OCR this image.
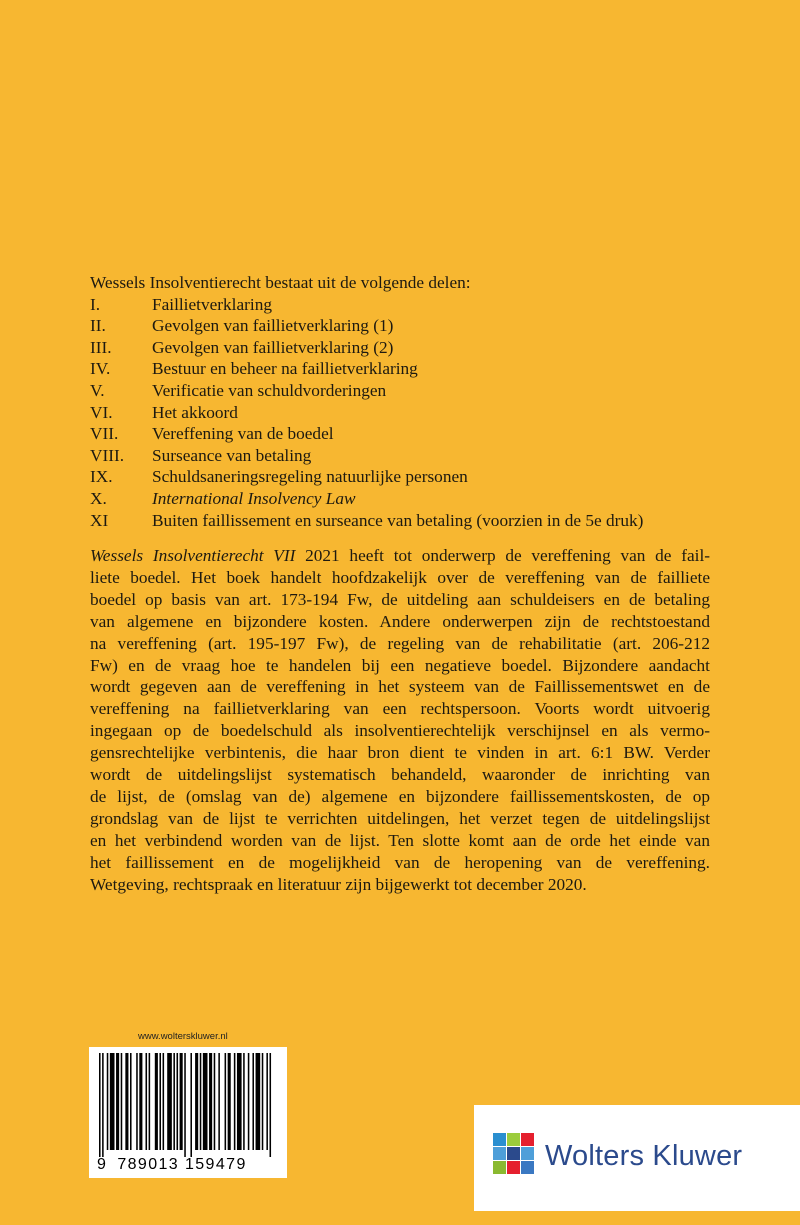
Wessels Insolventierecht bestaat uit de volgende delen:
I.	Faillietverklaring
II.	Gevolgen van faillietverklaring (1)
III.	Gevolgen van faillietverklaring (2)
IV.	Bestuur en beheer na faillietverklaring
V.	Verificatie van schuldvorderingen
VI.	Het akkoord
VII.	Vereffening van de boedel
VIII.	Surseance van betaling
IX.	Schuldsaneringsregeling natuurlijke personen
X.	International Insolvency Law
XI	Buiten faillissement en surseance van betaling (voorzien in de 5e druk)

Wessels Insolventierecht VII 2021 heeft tot onderwerp de vereffening van de fail-
liete boedel. Het boek handelt hoofdzakelijk over de vereffening van de failliete
boedel op basis van art. 173-194 Fw, de uitdeling aan schuldeisers en de betaling
van algemene en bijzondere kosten. Andere onderwerpen zijn de rechtstoestand
na vereffening (art. 195-197 Fw), de regeling van de rehabilitatie (art. 206-212
Fw) en de vraag hoe te handelen bij een negatieve boedel. Bijzondere aandacht
wordt gegeven aan de vereffening in het systeem van de Faillissementswet en de
vereffening na faillietverklaring van een rechtspersoon. Voorts wordt uitvoerig
ingegaan op de boedelschuld als insolventierechtelijk verschijnsel en als vermo-
gensrechtelijke verbintenis, die haar bron dient te vinden in art. 6:1 BW. Verder
wordt de uitdelingslijst systematisch behandeld, waaronder de inrichting van
de lijst, de (omslag van de) algemene en bijzondere faillissementskosten, de op
grondslag van de lijst te verrichten uitdelingen, het verzet tegen de uitdelingslijst
en het verbindend worden van de lijst. Ten slotte komt aan de orde het einde van
het faillissement en de mogelijkheid van de heropening van de vereffening.
Wetgeving, rechtspraak en literatuur zijn bijgewerkt tot december 2020.

www.wolterskluwer.nl
9 789013 159479	Wolters Kluwer
